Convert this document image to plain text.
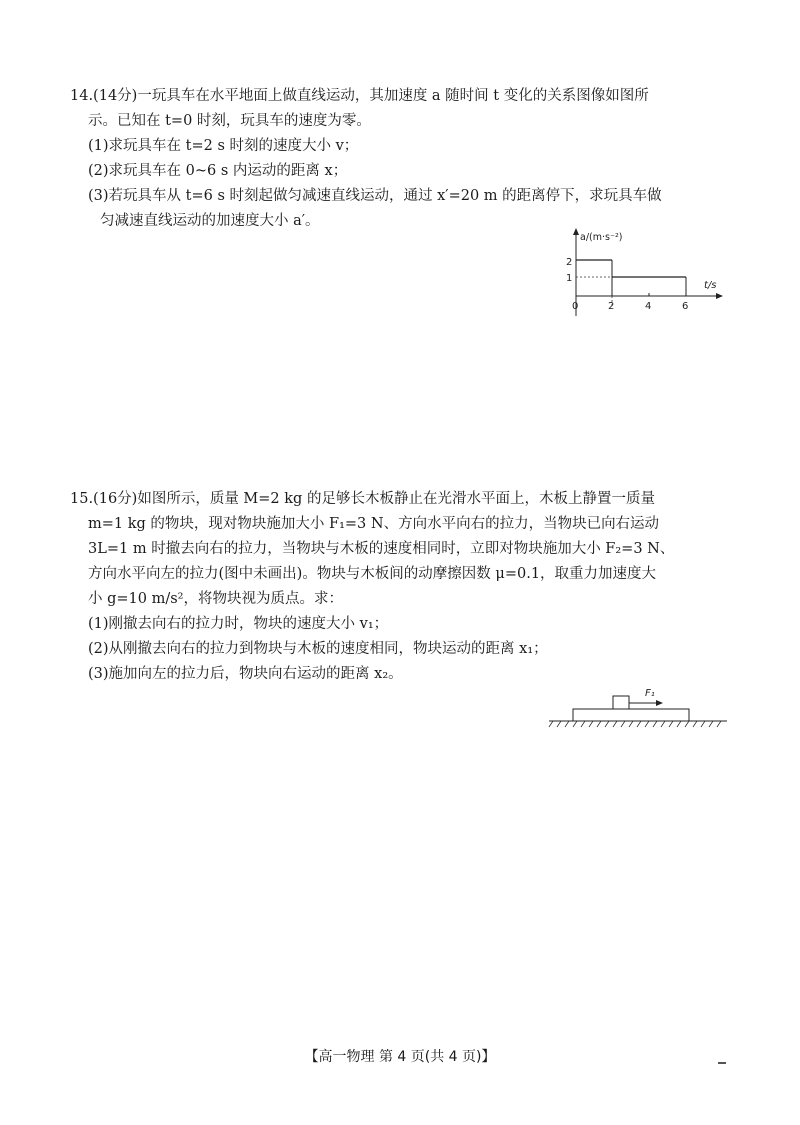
14.(14分)一玩具车在水平地面上做直线运动，其加速度 a 随时间 t 变化的关系图像如图所
示。已知在 t=0 时刻，玩具车的速度为零。
(1)求玩具车在 t=2 s 时刻的速度大小 v；
(2)求玩具车在 0~6 s 内运动的距离 x；
(3)若玩具车从 t=6 s 时刻起做匀减速直线运动，通过 x′=20 m 的距离停下，求玩具车做
匀减速直线运动的加速度大小 a′。
a/(m·s⁻²)
t/s
0
2
1
2	4	6
15.(16分)如图所示，质量 M=2 kg 的足够长木板静止在光滑水平面上，木板上静置一质量
m=1 kg 的物块，现对物块施加大小 F₁=3 N、方向水平向右的拉力，当物块已向右运动
3L=1 m 时撤去向右的拉力，当物块与木板的速度相同时，立即对物块施加大小 F₂=3 N、
方向水平向左的拉力(图中未画出)。物块与木板间的动摩擦因数 μ=0.1，取重力加速度大
小 g=10 m/s²，将物块视为质点。求：
(1)刚撤去向右的拉力时，物块的速度大小 v₁；
(2)从刚撤去向右的拉力到物块与木板的速度相同，物块运动的距离 x₁；
(3)施加向左的拉力后，物块向右运动的距离 x₂。
F₁
【高一物理 第 4 页(共 4 页)】
